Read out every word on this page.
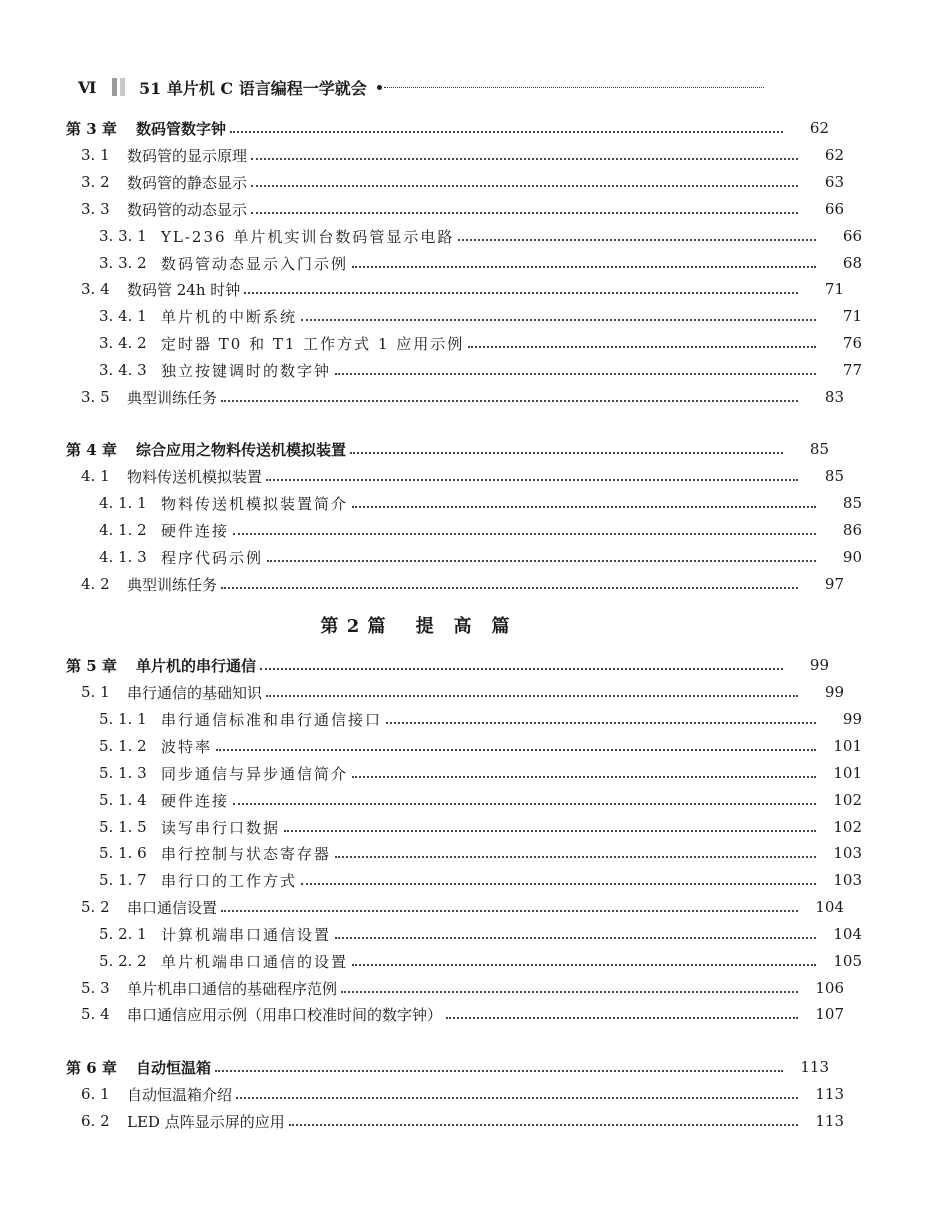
Ⅵ	51 单片机 C 语言编程一学就会
第 3 章	数码管数字钟	62
3. 1	数码管的显示原理	62
3. 2	数码管的静态显示	63
3. 3	数码管的动态显示	66
3. 3. 1 YL-236 单片机实训台数码管显示电路	66
3. 3. 2 数码管动态显示入门示例	68
3. 4	数码管 24h 时钟	71
3. 4. 1 单片机的中断系统	71
3. 4. 2 定时器 T0 和 T1 工作方式 1 应用示例	76
3. 4. 3 独立按键调时的数字钟	77
3. 5	典型训练任务	83
第 4 章	综合应用之物料传送机模拟装置	85
4. 1	物料传送机模拟装置	85
4. 1. 1 物料传送机模拟装置简介	85
4. 1. 2 硬件连接	86
4. 1. 3 程序代码示例	90
4. 2	典型训练任务	97
第 5 章	单片机的串行通信	99
5. 1	串行通信的基础知识	99
5. 1. 1 串行通信标准和串行通信接口	99
5. 1. 2 波特率	101
5. 1. 3 同步通信与异步通信简介	101
5. 1. 4 硬件连接	102
5. 1. 5 读写串行口数据	102
5. 1. 6 串行控制与状态寄存器	103
5. 1. 7 串行口的工作方式	103
5. 2	串口通信设置	104
5. 2. 1 计算机端串口通信设置	104
5. 2. 2 单片机端串口通信的设置	105
5. 3	单片机串口通信的基础程序范例	106
5. 4	串口通信应用示例（用串口校准时间的数字钟）	107
第 6 章	自动恒温箱	113
6. 1	自动恒温箱介绍	113
6. 2	LED 点阵显示屏的应用	113
第 2 篇 提　高　篇
